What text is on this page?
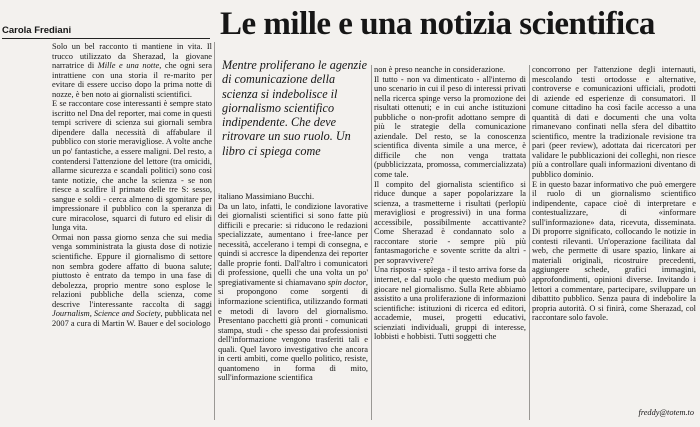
Carola Frediani	Le mille e una notizia scientifica

Solo un bel racconto ti mantiene in vita. Il trucco utilizzato da Sherazad, la giovane narratrice di Mille e una notte, che ogni sera intrattiene con una storia il re-marito per evitare di essere ucciso dopo la prima notte di nozze, è ben noto ai giornalisti scientifici.

E se raccontare cose interessanti è sempre stato iscritto nel Dna del reporter, mai come in questi tempi scrivere di scienza sui giornali sembra dipendere dalla necessità di affabulare il pubblico con storie meravigliose. A volte anche un po' fantastiche, a essere maligni. Del resto, a contendersi l'attenzione del lettore (tra omicidi, allarme sicurezza e scandali politici) sono così tante notizie, che anche la scienza - se non riesce a scalfire il primato delle tre S: sesso, sangue e soldi - cerca almeno di sgomitare per impressionare il pubblico con la speranza di cure miracolose, squarci di futuro ed elisir di lunga vita.

Ormai non passa giorno senza che sui media venga somministrata la giusta dose di notizie scientifiche. Eppure il giornalismo di settore non sembra godere affatto di buona salute; piuttosto è entrato da tempo in una fase di debolezza, proprio mentre sono esplose le relazioni pubbliche della scienza, come descrive l'interessante raccolta di saggi Journalism, Science and Society, pubblicata nel 2007 a cura di Martin W. Bauer e del sociologo

Mentre proliferano le agenzie di comunicazione della scienza si indebolisce il giornalismo scientifico indipendente. Che deve ritrovare un suo ruolo. Un libro ci spiega come

italiano Massimiano Bucchi.

Da un lato, infatti, le condizione lavorative dei giornalisti scientifici si sono fatte più difficili e precarie: si riducono le redazioni specializzate, aumentano i free-lance per necessità, accelerano i tempi di consegna, e quindi si accresce la dipendenza dei reporter dalle proprie fonti. Dall'altro i comunicatori di professione, quelli che una volta un po' spregiativamente si chiamavano spin doctor, si propongono come sorgenti di informazione scientifica, utilizzando formati e metodi di lavoro del giornalismo. Presentano pacchetti già pronti - comunicati stampa, studi - che spesso dai professionisti dell'informazione vengono trasferiti tali e quali. Quel lavoro investigativo che ancora in certi ambiti, come quello politico, resiste, quantomeno in forma di mito, sull'informazione scientifica

non è preso neanche in considerazione.

Il tutto - non va dimenticato - all'interno di uno scenario in cui il peso di interessi privati nella ricerca spinge verso la promozione dei risultati ottenuti; e in cui anche istituzioni pubbliche o non-profit adottano sempre di più le strategie della comunicazione aziendale. Del resto, se la conoscenza scientifica diventa simile a una merce, è difficile che non venga trattata (pubblicizzata, promossa, commercializzata) come tale.

Il compito del giornalista scientifico si riduce dunque a saper popolarizzare la scienza, a trasmetterne i risultati (perlopiù meravigliosi e progressivi) in una forma accessibile, possibilmente accattivante? Come Sherazad è condannato solo a raccontare storie - sempre più più fantasmagoriche e sovente scritte da altri - per sopravvivere?

Una risposta - spiega - il testo arriva forse da internet, e dal ruolo che questo medium può giocare nel giornalismo. Sulla Rete abbiamo assistito a una proliferazione di informazioni scientifiche: istituzioni di ricerca ed editori, accademie, musei, progetti educativi, scienziati individuali, gruppi di interesse, lobbisti e hobbisti. Tutti soggetti che

concorrono per l'attenzione degli internauti, mescolando testi ortodosse e alternative, controverse e comunicazioni ufficiali, prodotti di aziende ed esperienze di consumatori. Il comune cittadino ha così facile accesso a una quantità di dati e documenti che una volta rimanevano confinati nella sfera del dibattito scientifico, mentre la tradizionale revisione tra pari (peer review), adottata dai ricercatori per validare le pubblicazioni dei colleghi, non riesce più a controllare quali informazioni diventano di pubblico dominio.

E in questo bazar informativo che può emergere il ruolo di un giornalismo scientifico indipendente, capace cioè di interpretare e contestualizzare, di «informare sull'informazione» data, ricevuta, disseminata. Di proporre significato, collocando le notizie in contesti rilevanti. Un'operazione facilitata dal web, che permette di usare spazio, linkare ai materiali originali, ricostruire precedenti, aggiungere schede, grafici immagini, approfondimenti, opinioni diverse. Invitando i lettori a commentare, partecipare, sviluppare un dibattito pubblico. Senza paura di indebolire la propria autorità. O si finirà, come Sherazad, col raccontare solo favole.

freddy@totem.to
